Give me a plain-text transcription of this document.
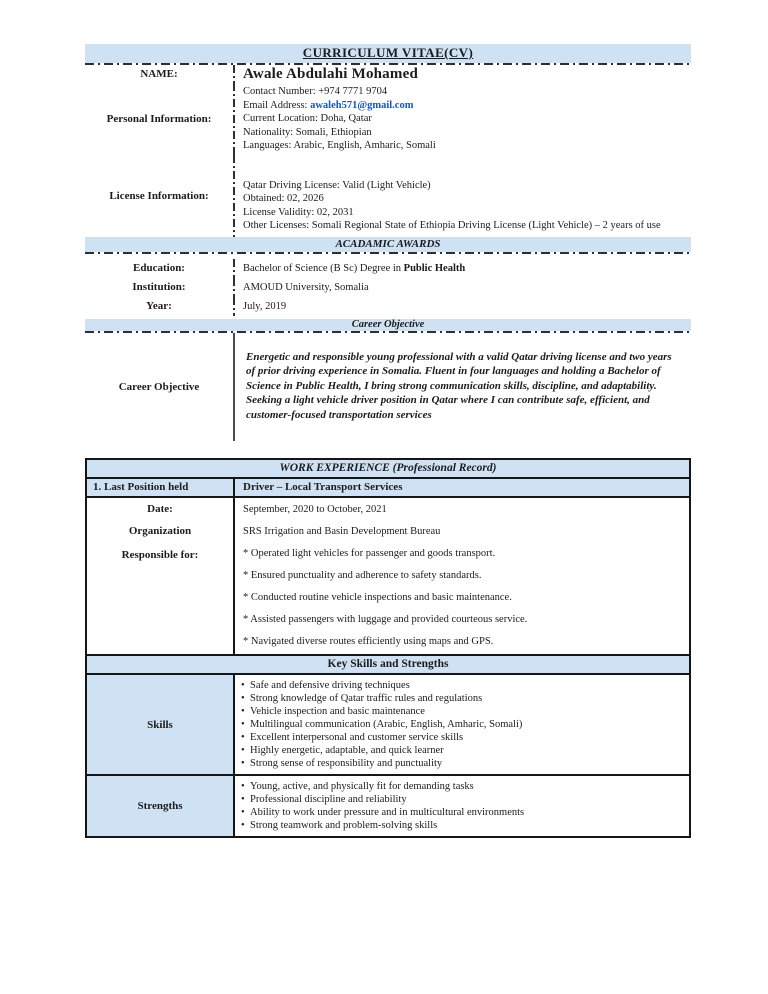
CURRICULUM VITAE(CV)
NAME:	Awale Abdulahi Mohamed
Personal Information:
Contact Number: +974 7771 9704
Email Address: awaleh571@gmail.com
Current Location: Doha, Qatar
Nationality: Somali, Ethiopian
Languages: Arabic, English, Amharic, Somali
License Information:
Qatar Driving License: Valid (Light Vehicle)
Obtained: 02, 2026
License Validity: 02, 2031
Other Licenses: Somali Regional State of Ethiopia Driving License (Light Vehicle) – 2 years of use
ACADAMIC AWARDS
Education:	Bachelor of Science (B Sc) Degree in Public Health
Institution:	AMOUD University, Somalia
Year:	July, 2019
Career Objective
Career Objective

Energetic and responsible young professional with a valid Qatar driving license and two years of prior driving experience in Somalia. Fluent in four languages and holding a Bachelor of Science in Public Health, I bring strong communication skills, discipline, and adaptability. Seeking a light vehicle driver position in Qatar where I can contribute safe, efficient, and customer-focused transportation services

WORK EXPERIENCE (Professional Record)
1. Last Position held	Driver – Local Transport Services
Date:	September, 2020 to October, 2021
Organization	SRS Irrigation and Basin Development Bureau
Responsible for:	* Operated light vehicles for passenger and goods transport.
* Ensured punctuality and adherence to safety standards.
* Conducted routine vehicle inspections and basic maintenance.
* Assisted passengers with luggage and provided courteous service.
* Navigated diverse routes efficiently using maps and GPS.
Key Skills and Strengths
Skills
• Safe and defensive driving techniques
• Strong knowledge of Qatar traffic rules and regulations
• Vehicle inspection and basic maintenance
• Multilingual communication (Arabic, English, Amharic, Somali)
• Excellent interpersonal and customer service skills
• Highly energetic, adaptable, and quick learner
• Strong sense of responsibility and punctuality
Strengths
• Young, active, and physically fit for demanding tasks
• Professional discipline and reliability
• Ability to work under pressure and in multicultural environments
• Strong teamwork and problem-solving skills
